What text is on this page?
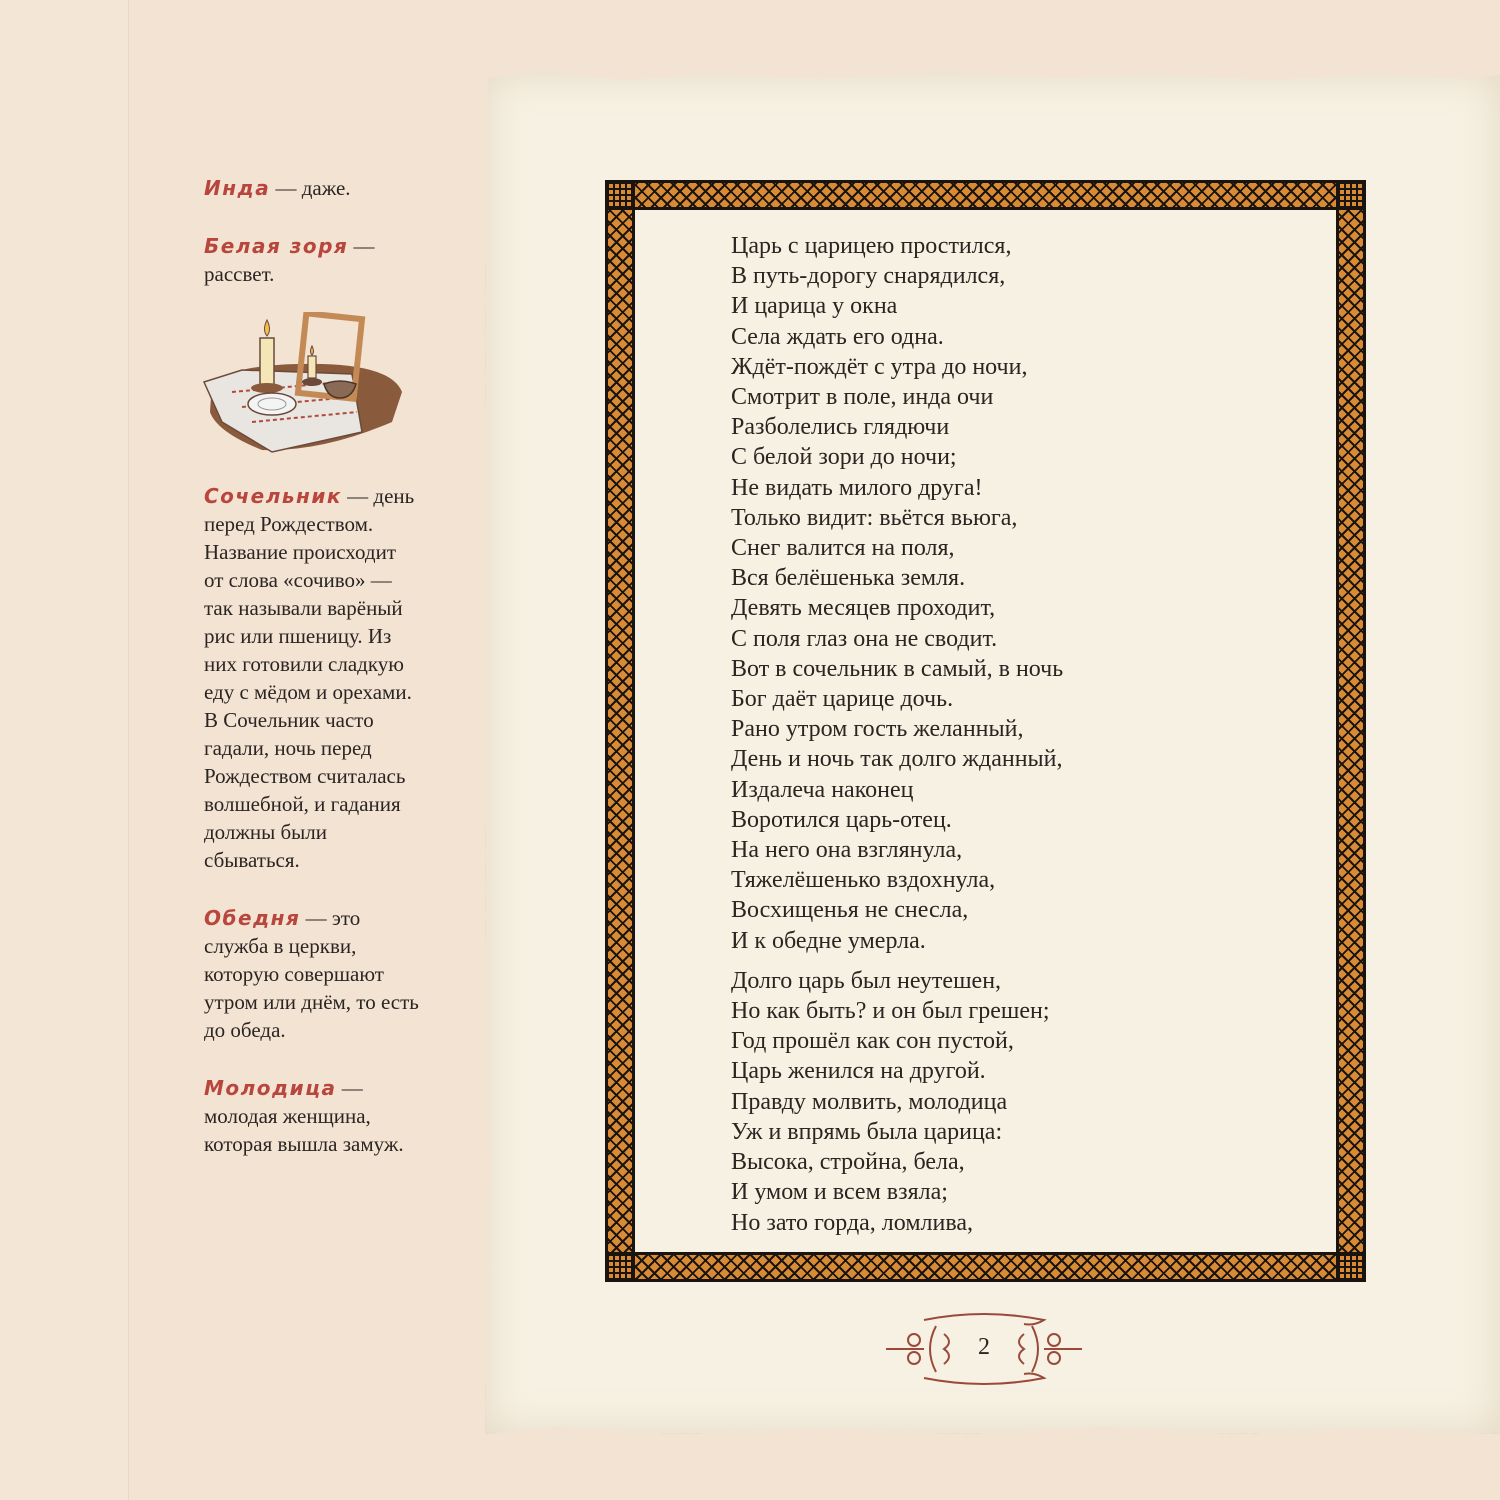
Инда — даже.
Белая зоря — рассвет.
Сочельник — день перед Рождеством. Название происходит от слова «сочиво» — так называли варёный рис или пшеницу. Из них готовили сладкую еду с мёдом и орехами. В Сочельник часто гадали, ночь перед Рождеством считалась волшебной, и гадания должны были сбываться.
Обедня — это служба в церкви, которую совершают утром или днём, то есть до обеда.
Молодица — молодая женщина, которая вышла замуж.
Царь с царицею простился,
В путь-дорогу снарядился,
И царица у окна
Села ждать его одна.
Ждёт-пождёт с утра до ночи,
Смотрит в поле, инда очи
Разболелись глядючи
С белой зори до ночи;
Не видать милого друга!
Только видит: вьётся вьюга,
Снег валится на поля,
Вся белёшенька земля.
Девять месяцев проходит,
С поля глаз она не сводит.
Вот в сочельник в самый, в ночь
Бог даёт царице дочь.
Рано утром гость желанный,
День и ночь так долго жданный,
Издалеча наконец
Воротился царь-отец.
На него она взглянула,
Тяжелёшенько вздохнула,
Восхищенья не снесла,
И к обедне умерла.
Долго царь был неутешен,
Но как быть? и он был грешен;
Год прошёл как сон пустой,
Царь женился на другой.
Правду молвить, молодица
Уж и впрямь была царица:
Высока, стройна, бела,
И умом и всем взяла;
Но зато горда, ломлива,
2
